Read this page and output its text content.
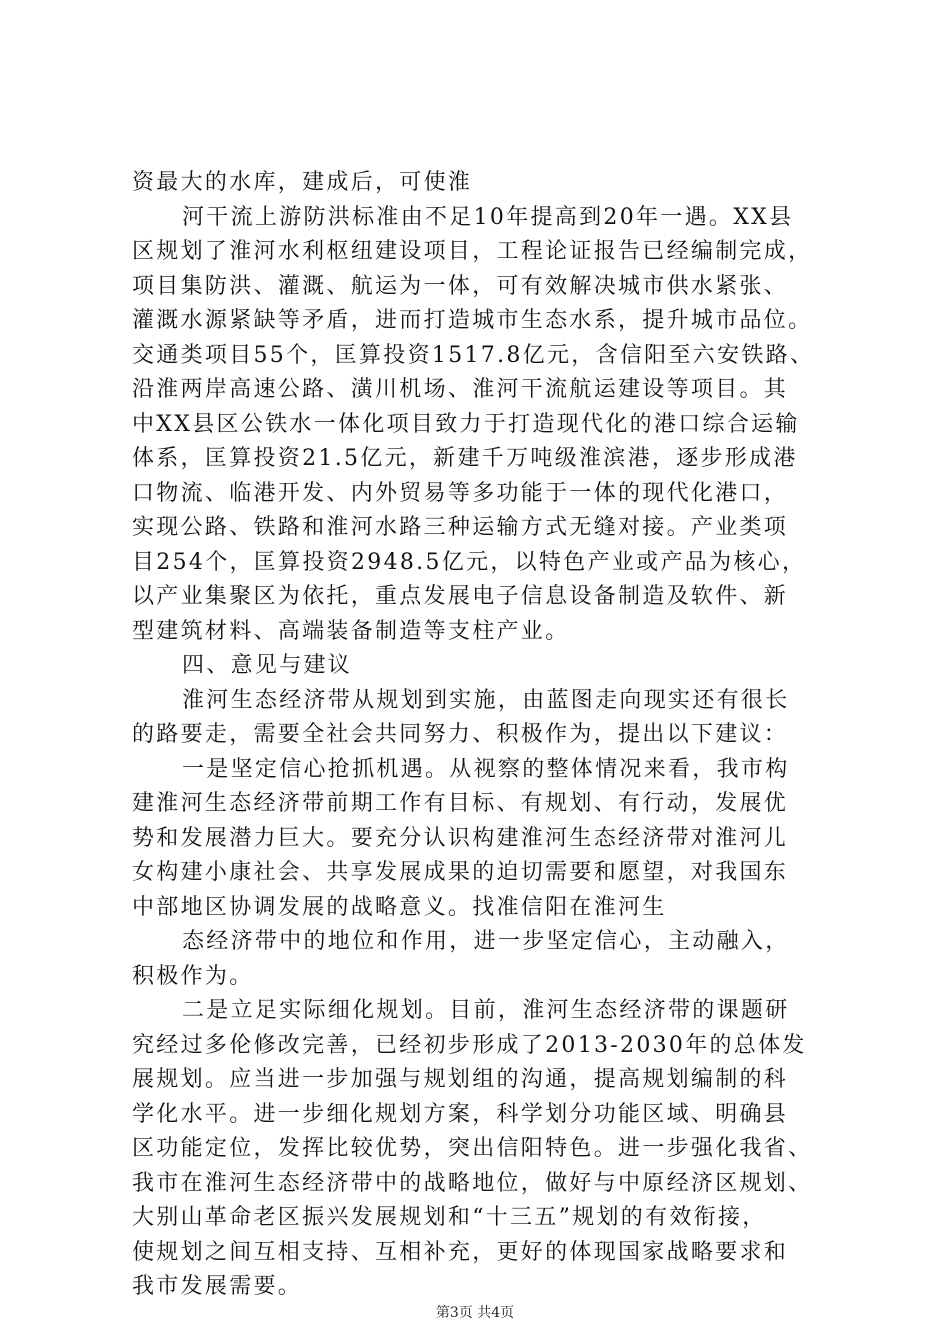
资最大的水库，建成后，可使淮
河干流上游防洪标准由不足10年提高到20年一遇。XX县
区规划了淮河水利枢纽建设项目，工程论证报告已经编制完成，
项目集防洪、灌溉、航运为一体，可有效解决城市供水紧张、
灌溉水源紧缺等矛盾，进而打造城市生态水系，提升城市品位。
交通类项目55个，匡算投资1517.8亿元，含信阳至六安铁路、
沿淮两岸高速公路、潢川机场、淮河干流航运建设等项目。其
中XX县区公铁水一体化项目致力于打造现代化的港口综合运输
体系，匡算投资21.5亿元，新建千万吨级淮滨港，逐步形成港
口物流、临港开发、内外贸易等多功能于一体的现代化港口，
实现公路、铁路和淮河水路三种运输方式无缝对接。产业类项
目254个，匡算投资2948.5亿元，以特色产业或产品为核心，
以产业集聚区为依托，重点发展电子信息设备制造及软件、新
型建筑材料、高端装备制造等支柱产业。
四、意见与建议
淮河生态经济带从规划到实施，由蓝图走向现实还有很长
的路要走，需要全社会共同努力、积极作为，提出以下建议：
一是坚定信心抢抓机遇。从视察的整体情况来看，我市构
建淮河生态经济带前期工作有目标、有规划、有行动，发展优
势和发展潜力巨大。要充分认识构建淮河生态经济带对淮河儿
女构建小康社会、共享发展成果的迫切需要和愿望，对我国东
中部地区协调发展的战略意义。找准信阳在淮河生
态经济带中的地位和作用，进一步坚定信心，主动融入，
积极作为。
二是立足实际细化规划。目前，淮河生态经济带的课题研
究经过多伦修改完善，已经初步形成了2013-2030年的总体发
展规划。应当进一步加强与规划组的沟通，提高规划编制的科
学化水平。进一步细化规划方案，科学划分功能区域、明确县
区功能定位，发挥比较优势，突出信阳特色。进一步强化我省、
我市在淮河生态经济带中的战略地位，做好与中原经济区规划、
大别山革命老区振兴发展规划和“十三五”规划的有效衔接，
使规划之间互相支持、互相补充，更好的体现国家战略要求和
我市发展需要。
第3页 共4页
